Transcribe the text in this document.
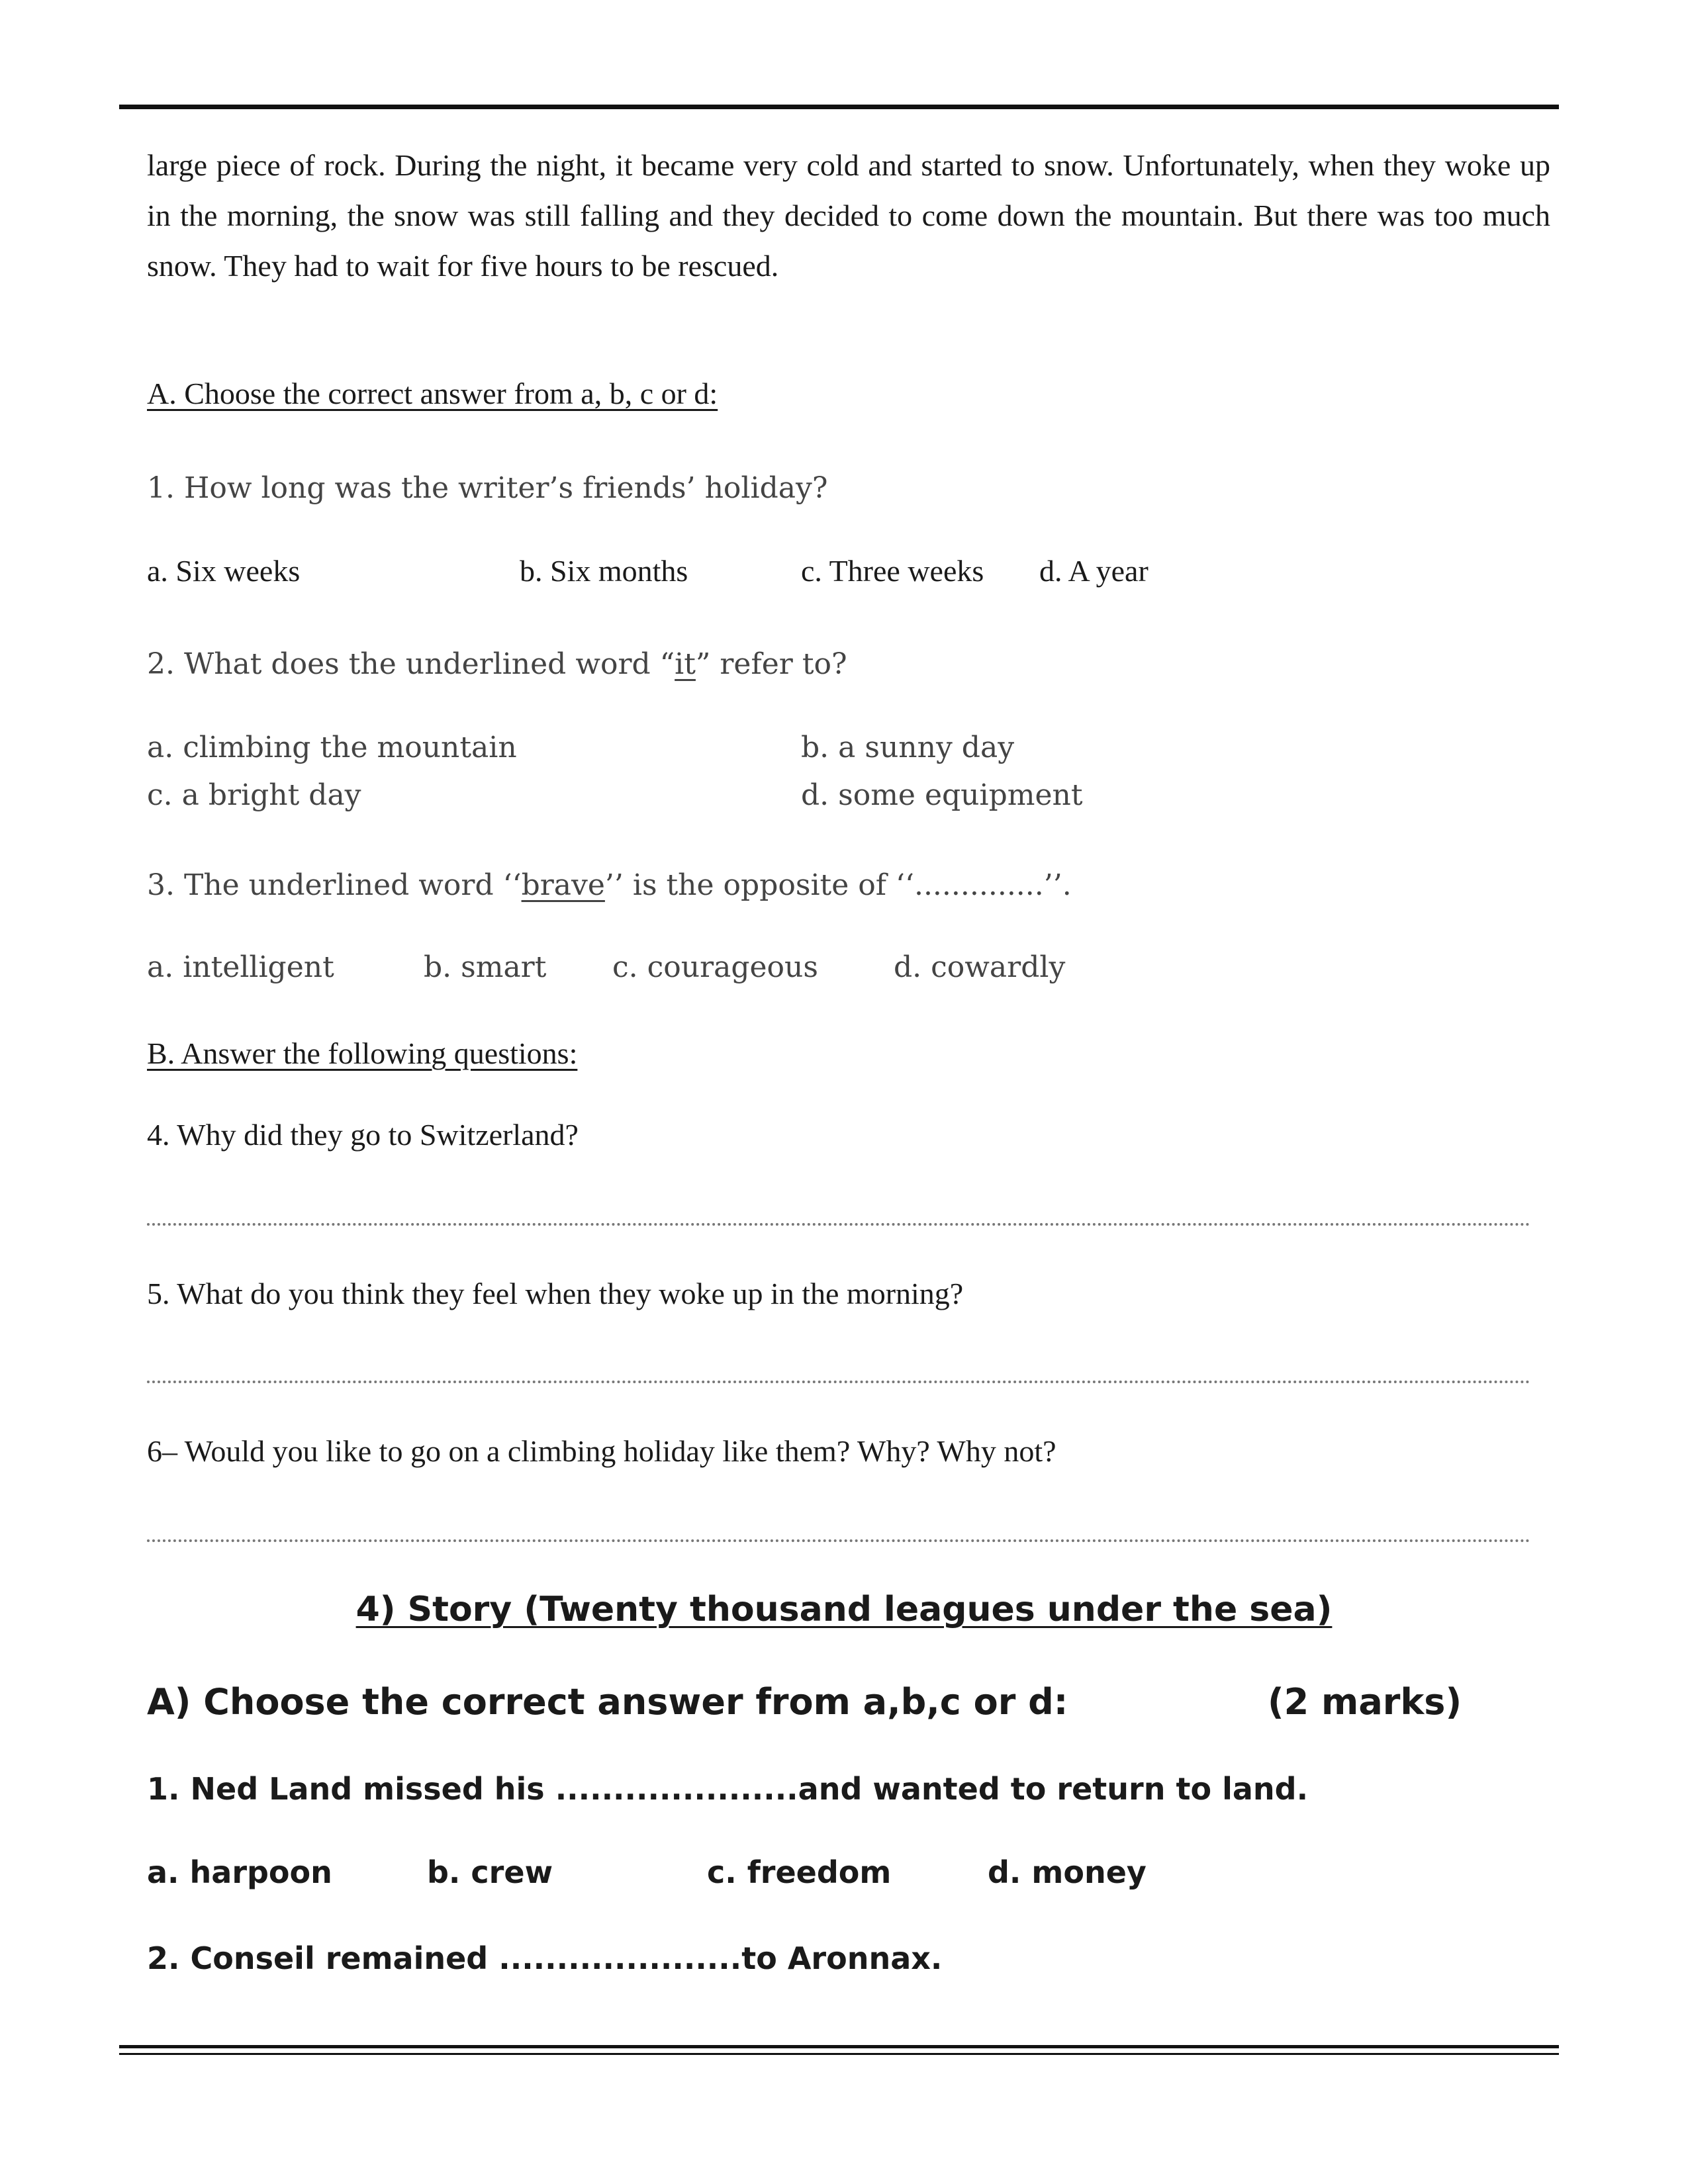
large piece of rock. During the night, it became very cold and started to snow. Unfortunately, when they woke up in the morning, the snow was still falling and they decided to come down the mountain. But there was too much snow. They had to wait for five hours to be rescued.
A. Choose the correct answer from a, b, c or d:
1. How long was the writer’s friends’ holiday?
a. Six weeks	b. Six months	c. Three weeks d. A year
2. What does the underlined word “it” refer to?
a. climbing the mountain	b. a sunny day
c. a bright day	d. some equipment
3. The underlined word ‘‘brave’’ is the opposite of ‘‘..............’’.
a. intelligent	b. smart c. courageous	d. cowardly
B. Answer the following questions:
4. Why did they go to Switzerland?
5. What do you think they feel when they woke up in the morning?
6– Would you like to go on a climbing holiday like them? Why? Why not?
4) Story (Twenty thousand leagues under the sea)
A) Choose the correct answer from a,b,c or d:	(2 marks)
1. Ned Land missed his .....................and wanted to return to land.
a. harpoon	b. crew	c. freedom	d. money
2. Conseil remained .....................to Aronnax.
